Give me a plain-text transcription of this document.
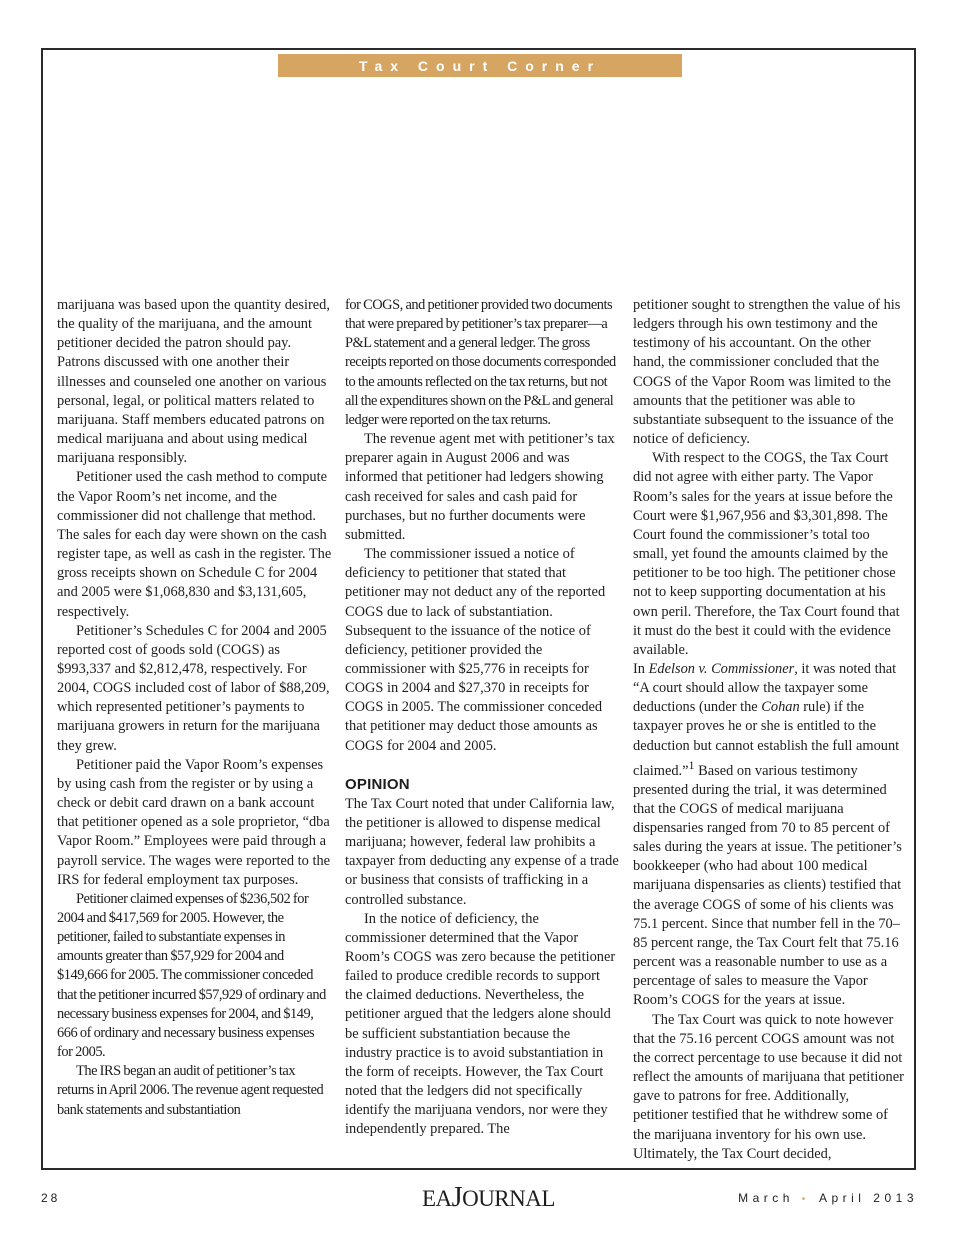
Tax Court Corner

marijuana was based upon the quantity desired, the quality of the marijuana, and the amount petitioner decided the patron should pay. Patrons discussed with one another their illnesses and counseled one another on various personal, legal, or political matters related to marijuana. Staff members educated patrons on medical marijuana and about using medical marijuana responsibly.

Petitioner used the cash method to compute the Vapor Room’s net income, and the commissioner did not challenge that method. The sales for each day were shown on the cash register tape, as well as cash in the register. The gross receipts shown on Schedule C for 2004 and 2005 were $1,068,830 and $3,131,605, respectively.

Petitioner’s Schedules C for 2004 and 2005 reported cost of goods sold (COGS) as $993,337 and $2,812,478, respectively. For 2004, COGS included cost of labor of $88,209, which represented petitioner’s payments to marijuana growers in return for the marijuana they grew.

Petitioner paid the Vapor Room’s expenses by using cash from the register or by using a check or debit card drawn on a bank account that petitioner opened as a sole proprietor, “dba Vapor Room.” Employees were paid through a payroll service. The wages were reported to the IRS for federal employment tax purposes.

Petitioner claimed expenses of $236,502 for 2004 and $417,569 for 2005. However, the petitioner, failed to substantiate expenses in amounts greater than $57,929 for 2004 and $149,666 for 2005. The commissioner conceded that the petitioner incurred $57,929 of ordinary and necessary business expenses for 2004, and $149, 666 of ordinary and necessary business expenses for 2005.

The IRS began an audit of petitioner’s tax returns in April 2006. The revenue agent requested bank statements and substantiation

for COGS, and petitioner provided two documents that were prepared by petitioner’s tax preparer—a P&L statement and a general ledger. The gross receipts reported on those documents corresponded to the amounts reflected on the tax returns, but not all the expenditures shown on the P&L and general ledger were reported on the tax returns.

The revenue agent met with petitioner’s tax preparer again in August 2006 and was informed that petitioner had ledgers showing cash received for sales and cash paid for purchases, but no further documents were submitted.

The commissioner issued a notice of deficiency to petitioner that stated that petitioner may not deduct any of the reported COGS due to lack of substantiation. Subsequent to the issuance of the notice of deficiency, petitioner provided the commissioner with $25,776 in receipts for COGS in 2004 and $27,370 in receipts for COGS in 2005. The commissioner conceded that petitioner may deduct those amounts as COGS for 2004 and 2005.

OPINION

The Tax Court noted that under California law, the petitioner is allowed to dispense medical marijuana; however, federal law prohibits a taxpayer from deducting any expense of a trade or business that consists of trafficking in a controlled substance.

In the notice of deficiency, the commissioner determined that the Vapor Room’s COGS was zero because the petitioner failed to produce credible records to support the claimed deductions. Nevertheless, the petitioner argued that the ledgers alone should be sufficient substantiation because the industry practice is to avoid substantiation in the form of receipts. However, the Tax Court noted that the ledgers did not specifically identify the marijuana vendors, nor were they independently prepared. The

petitioner sought to strengthen the value of his ledgers through his own testimony and the testimony of his accountant. On the other hand, the commissioner concluded that the COGS of the Vapor Room was limited to the amounts that the petitioner was able to substantiate subsequent to the issuance of the notice of deficiency.

With respect to the COGS, the Tax Court did not agree with either party. The Vapor Room’s sales for the years at issue before the Court were $1,967,956 and $3,301,898. The Court found the commissioner’s total too small, yet found the amounts claimed by the petitioner to be too high. The petitioner chose not to keep supporting documentation at his own peril. Therefore, the Tax Court found that it must do the best it could with the evidence available.

In Edelson v. Commissioner, it was noted that “A court should allow the taxpayer some deductions (under the Cohan rule) if the taxpayer proves he or she is entitled to the deduction but cannot establish the full amount claimed.”$^1$ Based on various testimony presented during the trial, it was determined that the COGS of medical marijuana dispensaries ranged from 70 to 85 percent of sales during the years at issue. The petitioner’s bookkeeper (who had about 100 medical marijuana dispensaries as clients) testified that the average COGS of some of his clients was 75.1 percent. Since that number fell in the 70–85 percent range, the Tax Court felt that 75.16 percent was a reasonable number to use as a percentage of sales to measure the Vapor Room’s COGS for the years at issue.

The Tax Court was quick to note however that the 75.16 percent COGS amount was not the correct percentage to use because it did not reflect the amounts of marijuana that petitioner gave to patrons for free. Additionally, petitioner testified that he withdrew some of the marijuana inventory for his own use. Ultimately, the Tax Court decided,

28	EAJOURNAL	March • April 2013
